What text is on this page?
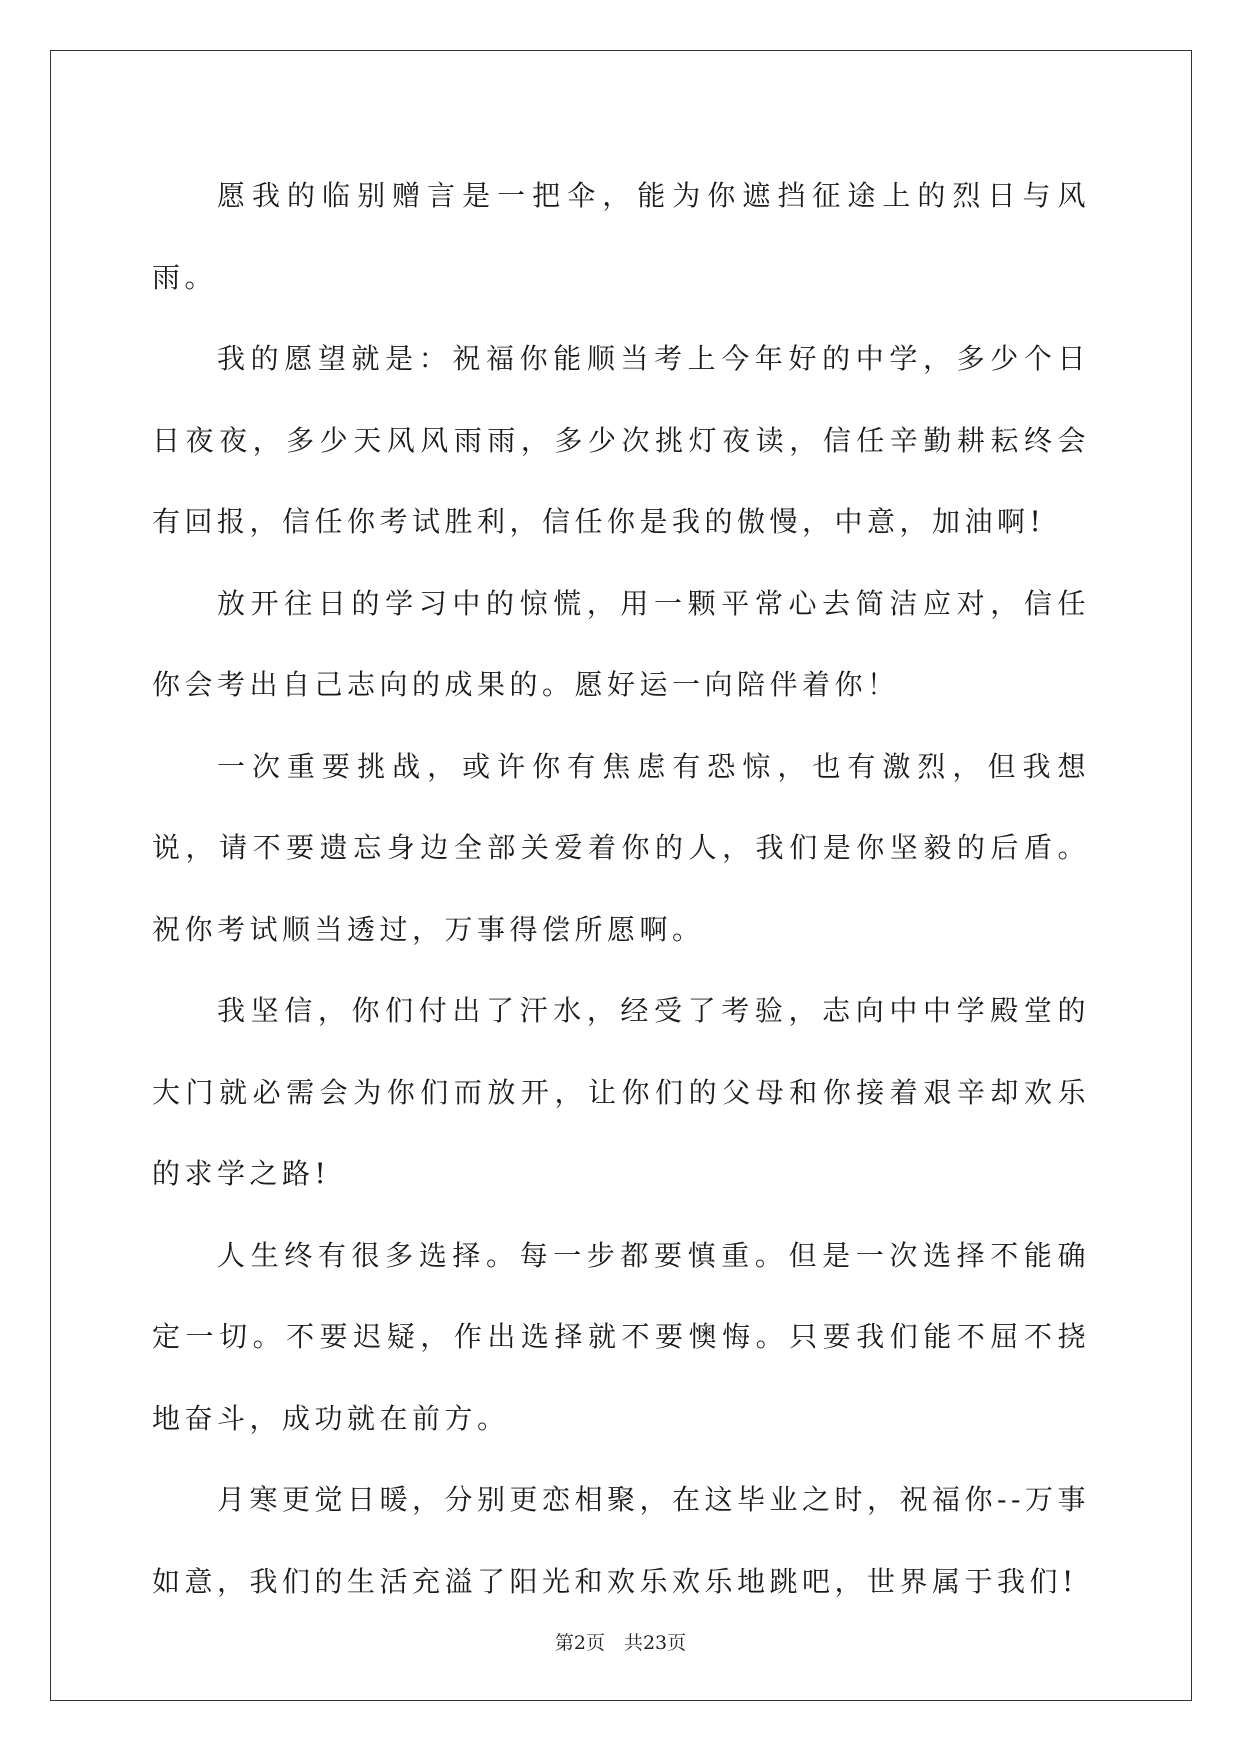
愿我的临别赠言是一把伞，能为你遮挡征途上的烈日与风雨。

我的愿望就是：祝福你能顺当考上今年好的中学，多少个日日夜夜，多少天风风雨雨，多少次挑灯夜读，信任辛勤耕耘终会有回报，信任你考试胜利，信任你是我的傲慢，中意，加油啊!

放开往日的学习中的惊慌，用一颗平常心去简洁应对，信任你会考出自己志向的成果的。愿好运一向陪伴着你！

一次重要挑战，或许你有焦虑有恐惊，也有激烈，但我想说，请不要遗忘身边全部关爱着你的人，我们是你坚毅的后盾。祝你考试顺当透过，万事得偿所愿啊。

我坚信，你们付出了汗水，经受了考验，志向中中学殿堂的大门就必需会为你们而放开，让你们的父母和你接着艰辛却欢乐的求学之路!

人生终有很多选择。每一步都要慎重。但是一次选择不能确定一切。不要迟疑，作出选择就不要懊悔。只要我们能不屈不挠地奋斗，成功就在前方。

月寒更觉日暖，分别更恋相聚，在这毕业之时，祝福你--万事如意，我们的生活充溢了阳光和欢乐欢乐地跳吧，世界属于我们!

第2页　共23页
